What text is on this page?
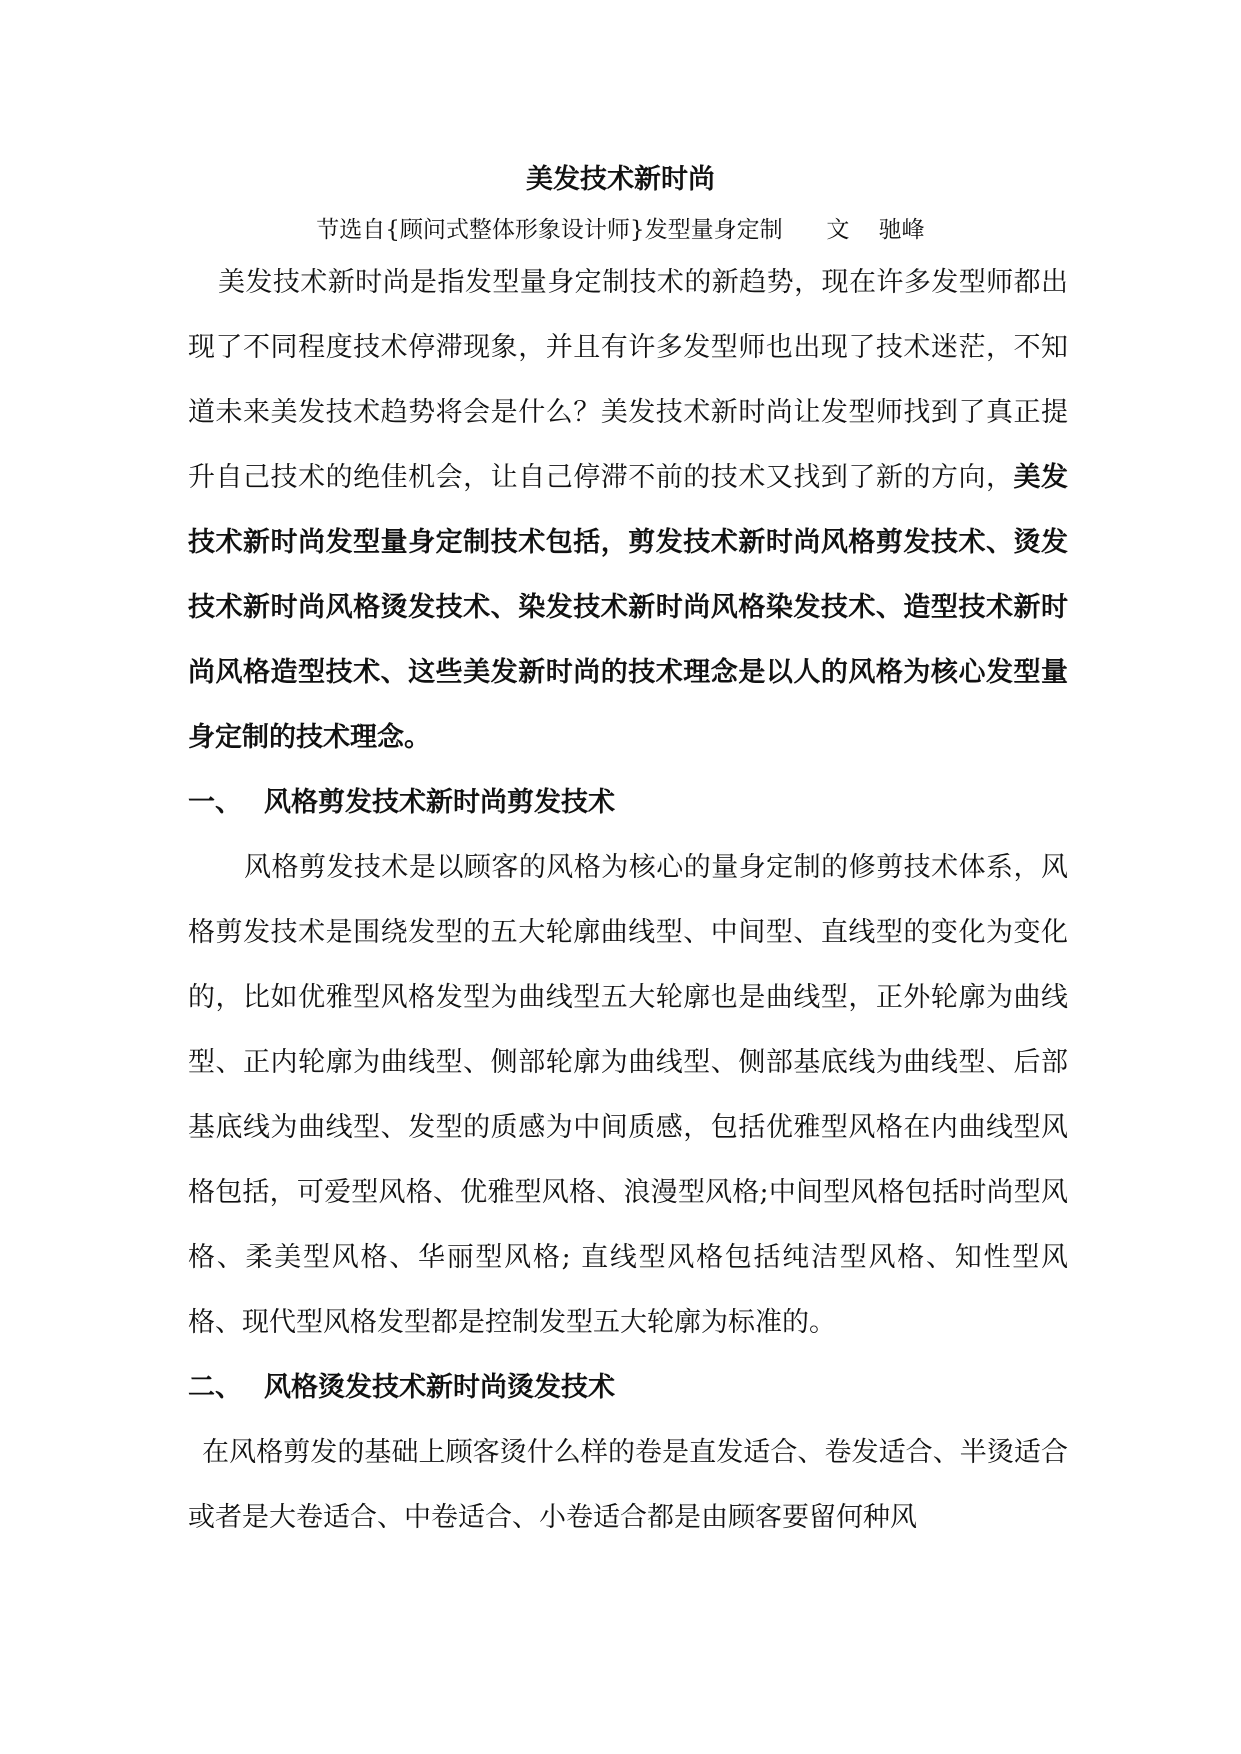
美发技术新时尚
节选自{顾问式整体形象设计师}发型量身定制      文    驰峰

美发技术新时尚是指发型量身定制技术的新趋势，现在许多发型师都出现了不同程度技术停滞现象，并且有许多发型师也出现了技术迷茫，不知道未来美发技术趋势将会是什么？美发技术新时尚让发型师找到了真正提升自己技术的绝佳机会，让自己停滞不前的技术又找到了新的方向，美发技术新时尚发型量身定制技术包括，剪发技术新时尚风格剪发技术、烫发技术新时尚风格烫发技术、染发技术新时尚风格染发技术、造型技术新时尚风格造型技术、这些美发新时尚的技术理念是以人的风格为核心发型量身定制的技术理念。

一、 风格剪发技术新时尚剪发技术

风格剪发技术是以顾客的风格为核心的量身定制的修剪技术体系，风格剪发技术是围绕发型的五大轮廓曲线型、中间型、直线型的变化为变化的，比如优雅型风格发型为曲线型五大轮廓也是曲线型，正外轮廓为曲线型、正内轮廓为曲线型、侧部轮廓为曲线型、侧部基底线为曲线型、后部基底线为曲线型、发型的质感为中间质感，包括优雅型风格在内曲线型风格包括，可爱型风格、优雅型风格、浪漫型风格;中间型风格包括时尚型风格、柔美型风格、华丽型风格; 直线型风格包括纯洁型风格、知性型风格、现代型风格发型都是控制发型五大轮廓为标准的。

二、 风格烫发技术新时尚烫发技术

在风格剪发的基础上顾客烫什么样的卷是直发适合、卷发适合、半烫适合或者是大卷适合、中卷适合、小卷适合都是由顾客要留何种风
